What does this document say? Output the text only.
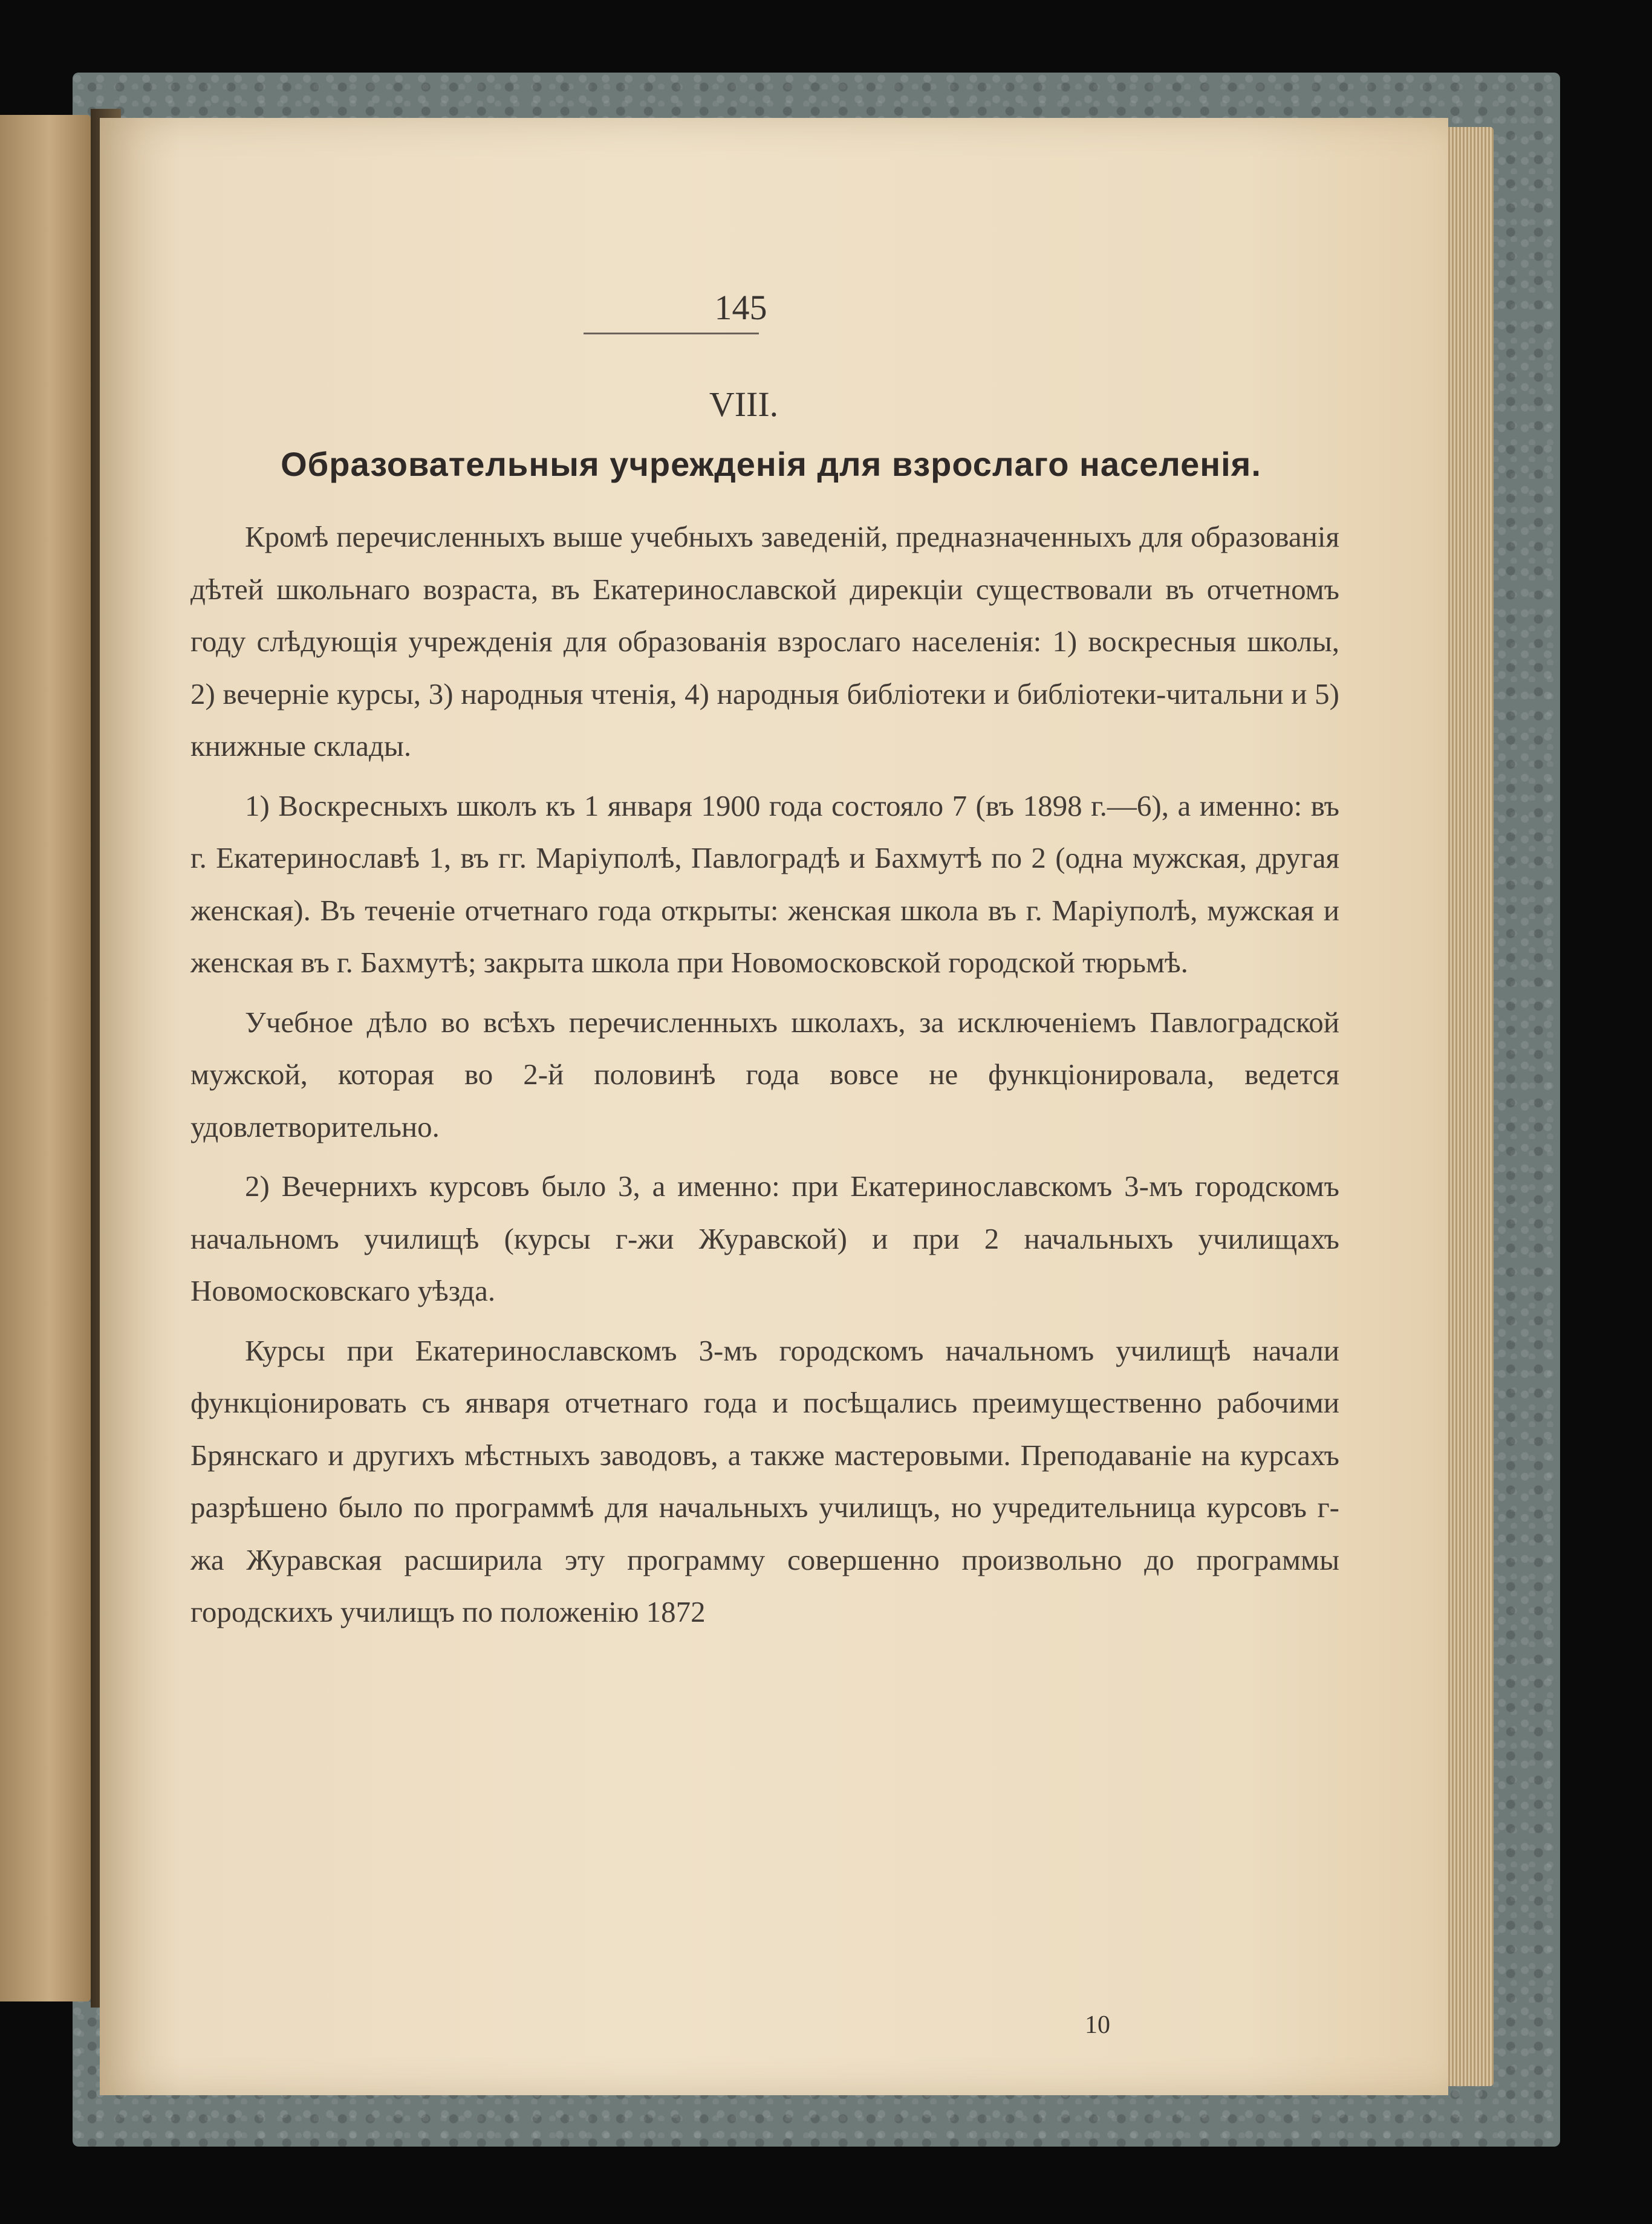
145
VIII.
Образовательныя учрежденія для взрослаго населенія.

Кромѣ перечисленныхъ выше учебныхъ заведеній, предназначенныхъ для образованія дѣтей школьнаго возраста, въ Екатеринославской дирекціи существовали въ отчетномъ году слѣдующія учрежденія для образованія взрослаго населенія: 1) воскресныя школы, 2) вечерніе курсы, 3) народныя чтенія, 4) народныя библіотеки и библіотеки-читальни и 5) книжные склады.

1) Воскресныхъ школъ къ 1 января 1900 года состояло 7 (въ 1898 г.—6), а именно: въ г. Екатеринославѣ 1, въ гг. Маріуполѣ, Павлоградѣ и Бахмутѣ по 2 (одна мужская, другая женская). Въ теченіе отчетнаго года открыты: женская школа въ г. Маріуполѣ, мужская и женская въ г. Бахмутѣ; закрыта школа при Новомосковской городской тюрьмѣ.

Учебное дѣло во всѣхъ перечисленныхъ школахъ, за исключеніемъ Павлоградской мужской, которая во 2-й половинѣ года вовсе не функціонировала, ведется удовлетворительно.

2) Вечернихъ курсовъ было 3, а именно: при Екатеринославскомъ 3-мъ городскомъ начальномъ училищѣ (курсы г-жи Журавской) и при 2 начальныхъ училищахъ Новомосковскаго уѣзда.

Курсы при Екатеринославскомъ 3-мъ городскомъ начальномъ училищѣ начали функціонировать съ января отчетнаго года и посѣщались преимущественно рабочими Брянскаго и другихъ мѣстныхъ заводовъ, а также мастеровыми. Преподаваніе на курсахъ разрѣшено было по программѣ для начальныхъ училищъ, но учредительница курсовъ г-жа Журавская расширила эту программу совершенно произвольно до программы городскихъ училищъ по положенію 1872

10
